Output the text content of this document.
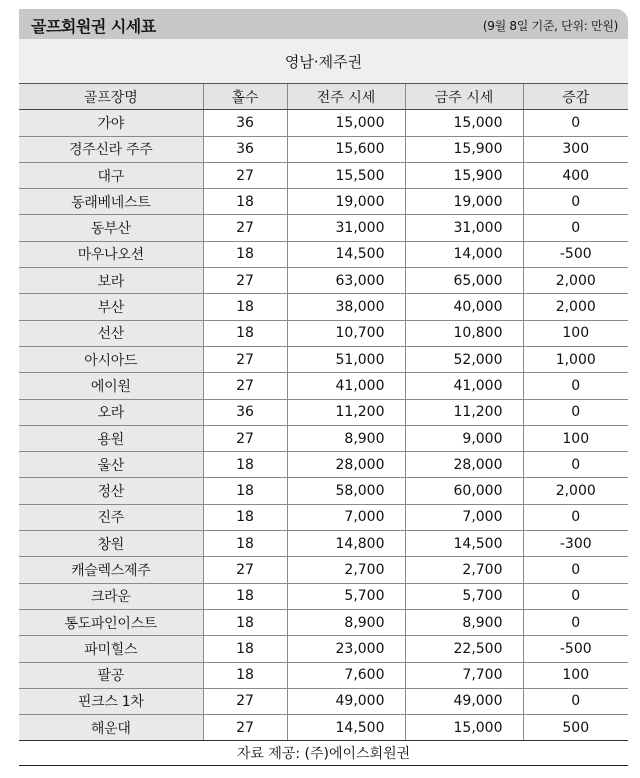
골프회원권 시세표	(9월 8일 기준, 단위: 만원)
영남·제주권
골프장명	홀수	전주 시세	금주 시세	증감
가야	36	15,000	15,000	0
경주신라 주주	36	15,600	15,900	300
대구	27	15,500	15,900	400
동래베네스트	18	19,000	19,000	0
동부산	27	31,000	31,000	0
마우나오션	18	14,500	14,000	-500
보라	27	63,000	65,000	2,000
부산	18	38,000	40,000	2,000
선산	18	10,700	10,800	100
아시아드	27	51,000	52,000	1,000
에이원	27	41,000	41,000	0
오라	36	11,200	11,200	0
용원	27	8,900	9,000	100
울산	18	28,000	28,000	0
정산	18	58,000	60,000	2,000
진주	18	7,000	7,000	0
창원	18	14,800	14,500	-300
캐슬렉스제주	27	2,700	2,700	0
크라운	18	5,700	5,700	0
통도파인이스트	18	8,900	8,900	0
파미힐스	18	23,000	22,500	-500
팔공	18	7,600	7,700	100
핀크스 1차	27	49,000	49,000	0
해운대	27	14,500	15,000	500
자료 제공: (주)에이스회원권
